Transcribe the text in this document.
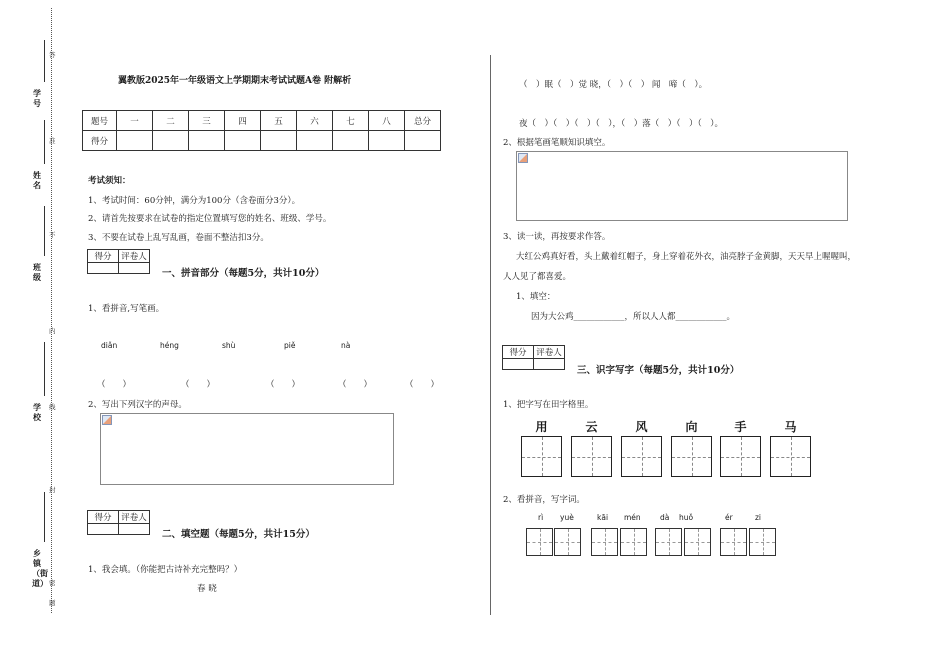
答
准
不
内
线
封
密
题
学号
姓名
班级
学校
乡镇（街道）
翼教版2025年一年级语文上学期期末考试试题A卷 附解析
题号	一	二	三	四	五	六	七	八	总分
得分									
考试须知：
1、考试时间：60分钟，满分为100分（含卷面分3分）。
2、请首先按要求在试卷的指定位置填写您的姓名、班级、学号。
3、不要在试卷上乱写乱画，卷面不整洁扣3分。
得分	评卷人

一、拼音部分（每题5分，共计10分）
1、看拼音,写笔画。
diǎn	héng	shù	piě	nà
（　　）	（　　）	（　　）	（　　）	（　　）
2、写出下列汉字的声母。
得分	评卷人

二、填空题（每题5分，共计15分）
1、我会填。（你能把古诗补充完整吗？）
春 晓
（　）眠（　）觉 晓，（　）（　） 闻　啼（　）。
夜（　）（　）（　）（　），（　）落（　）（　）（　）。
2、根据笔画笔顺知识填空。
3、读一读，再按要求作答。
大红公鸡真好看，头上戴着红帽子，身上穿着花外衣，油亮脖子金黄脚，天天早上喔喔叫，
人人见了都喜爱。
1、填空：
因为大公鸡____________，所以人人都____________。
得分	评卷人

三、识字写字（每题5分，共计10分）
1、把字写在田字格里。
用	云	风	向	手	马
2、看拼音，写字词。
rì yuè	kāi mén	dà huǒ	ér	zi
